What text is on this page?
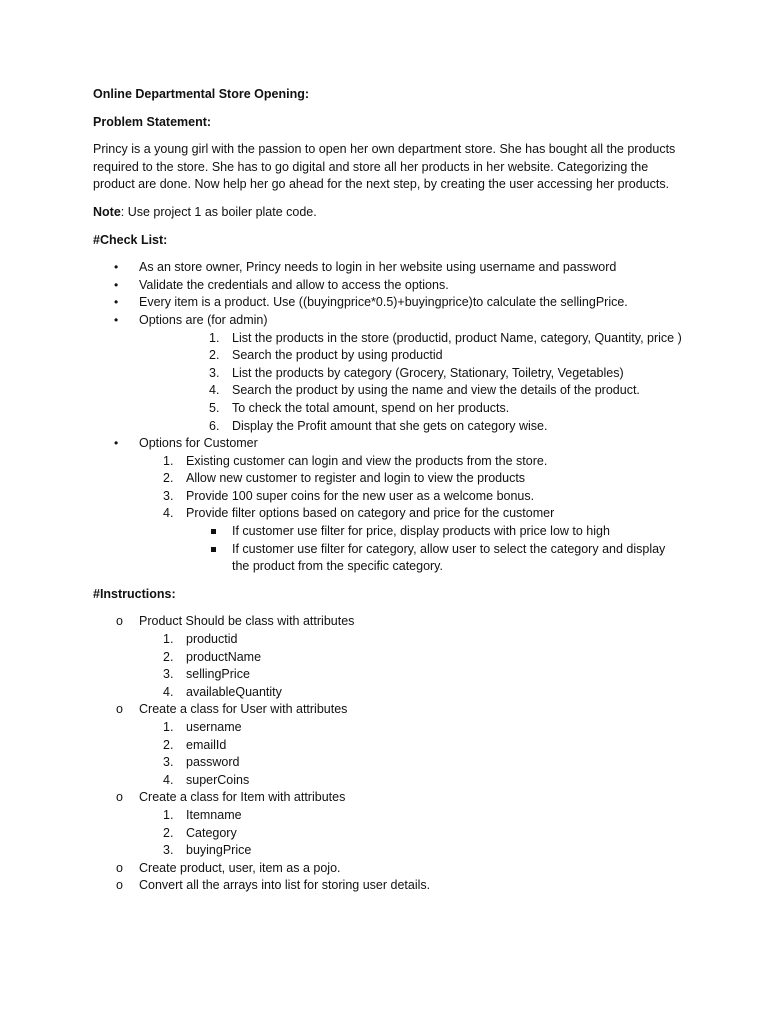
Online Departmental Store Opening:
Problem Statement:
Princy is a young girl with the passion to open her own department store. She has bought all the products required to the store. She has to go digital and store all her products in her website. Categorizing the product are done. Now help her go ahead for the next step, by creating the user accessing her products.
Note: Use project 1 as boiler plate code.
#Check List:
• As an store owner, Princy needs to login in her website using username and password
• Validate the credentials and allow to access the options.
• Every item is a product. Use ((buyingprice*0.5)+buyingprice)to calculate the sellingPrice.
• Options are (for admin)
1. List the products in the store (productid, product Name, category, Quantity, price )
2. Search the product by using productid
3. List the products by category (Grocery, Stationary, Toiletry, Vegetables)
4. Search the product by using the name and view the details of the product.
5. To check the total amount, spend on her products.
6. Display the Profit amount that she gets on category wise.
• Options for Customer
1. Existing customer can login and view the products from the store.
2. Allow new customer to register and login to view the products
3. Provide 100 super coins for the new user as a welcome bonus.
4. Provide filter options based on category and price for the customer
If customer use filter for price, display products with price low to high
If customer use filter for category, allow user to select the category and display the product from the specific category.
#Instructions:
o Product Should be class with attributes
1. productid
2. productName
3. sellingPrice
4. availableQuantity
o Create a class for User with attributes
1. username
2. emailId
3. password
4. superCoins
o Create a class for Item with attributes
1. Itemname
2. Category
3. buyingPrice
o Create product, user, item as a pojo.
o Convert all the arrays into list for storing user details.
